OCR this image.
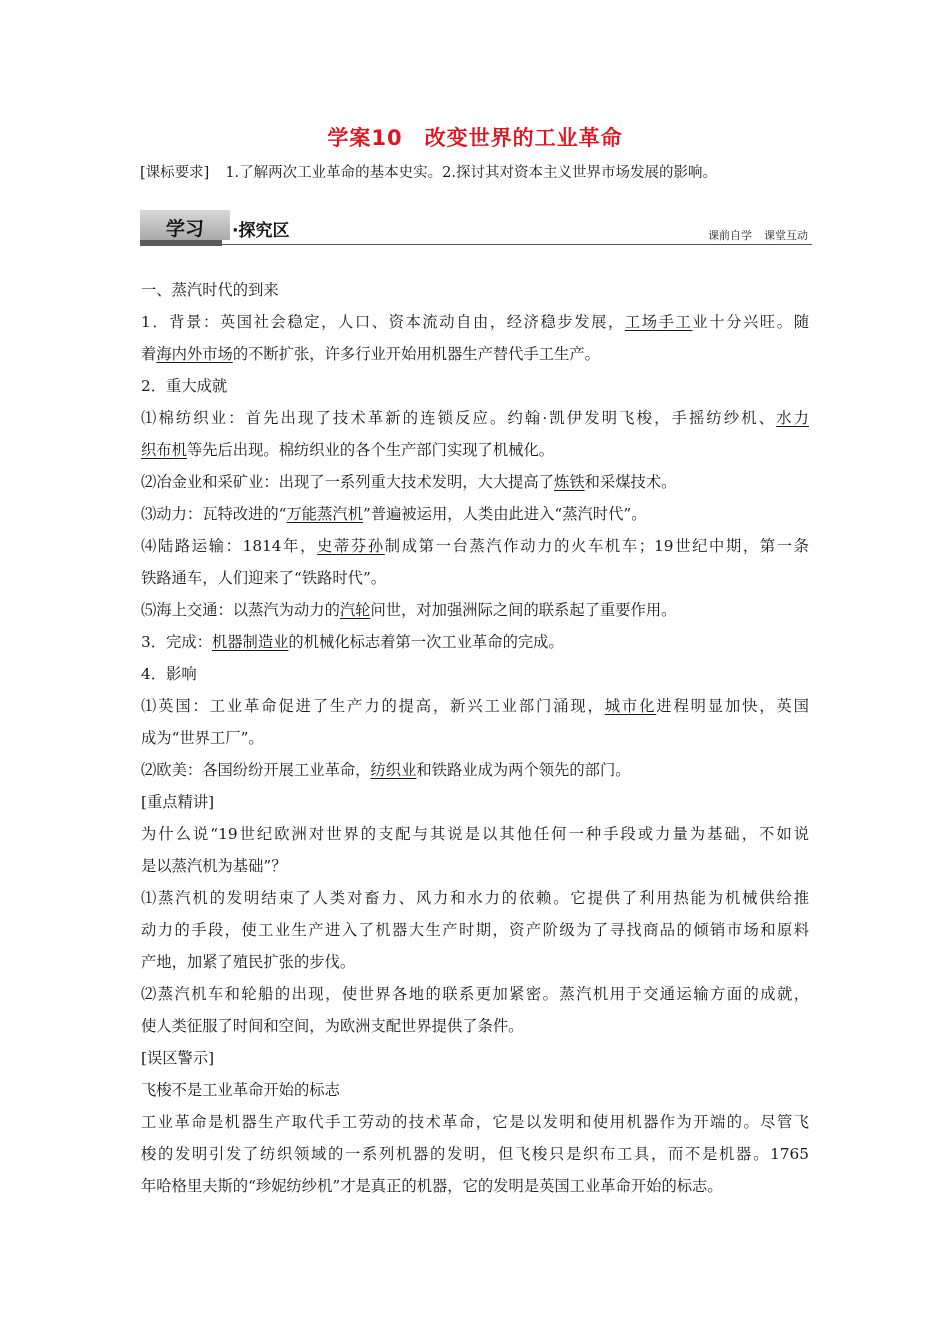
学案10 改变世界的工业革命
[课标要求] 1.了解两次工业革命的基本史实。2.探讨其对资本主义世界市场发展的影响。
学习 ·探究区	课前自学 课堂互动
一、蒸汽时代的到来
1．背景：英国社会稳定，人口、资本流动自由，经济稳步发展，工场手工业十分兴旺。随
着海内外市场的不断扩张，许多行业开始用机器生产替代手工生产。
2．重大成就
⑴棉纺织业：首先出现了技术革新的连锁反应。约翰·凯伊发明飞梭，手摇纺纱机、水力
织布机等先后出现。棉纺织业的各个生产部门实现了机械化。
⑵冶金业和采矿业：出现了一系列重大技术发明，大大提高了炼铁和采煤技术。
⑶动力：瓦特改进的“万能蒸汽机”普遍被运用，人类由此进入“蒸汽时代”。
⑷陆路运输：1814年，史蒂芬孙制成第一台蒸汽作动力的火车机车；19世纪中期，第一条
铁路通车，人们迎来了“铁路时代”。
⑸海上交通：以蒸汽为动力的汽轮问世，对加强洲际之间的联系起了重要作用。
3．完成：机器制造业的机械化标志着第一次工业革命的完成。
4．影响
⑴英国：工业革命促进了生产力的提高，新兴工业部门涌现，城市化进程明显加快，英国
成为“世界工厂”。
⑵欧美：各国纷纷开展工业革命，纺织业和铁路业成为两个领先的部门。
[重点精讲]
为什么说“19世纪欧洲对世界的支配与其说是以其他任何一种手段或力量为基础，不如说
是以蒸汽机为基础”？
⑴蒸汽机的发明结束了人类对畜力、风力和水力的依赖。它提供了利用热能为机械供给推
动力的手段，使工业生产进入了机器大生产时期，资产阶级为了寻找商品的倾销市场和原料
产地，加紧了殖民扩张的步伐。
⑵蒸汽机车和轮船的出现，使世界各地的联系更加紧密。蒸汽机用于交通运输方面的成就，
使人类征服了时间和空间，为欧洲支配世界提供了条件。
[误区警示]
飞梭不是工业革命开始的标志
工业革命是机器生产取代手工劳动的技术革命，它是以发明和使用机器作为开端的。尽管飞
梭的发明引发了纺织领域的一系列机器的发明，但飞梭只是织布工具，而不是机器。1765
年哈格里夫斯的“珍妮纺纱机”才是真正的机器，它的发明是英国工业革命开始的标志。
